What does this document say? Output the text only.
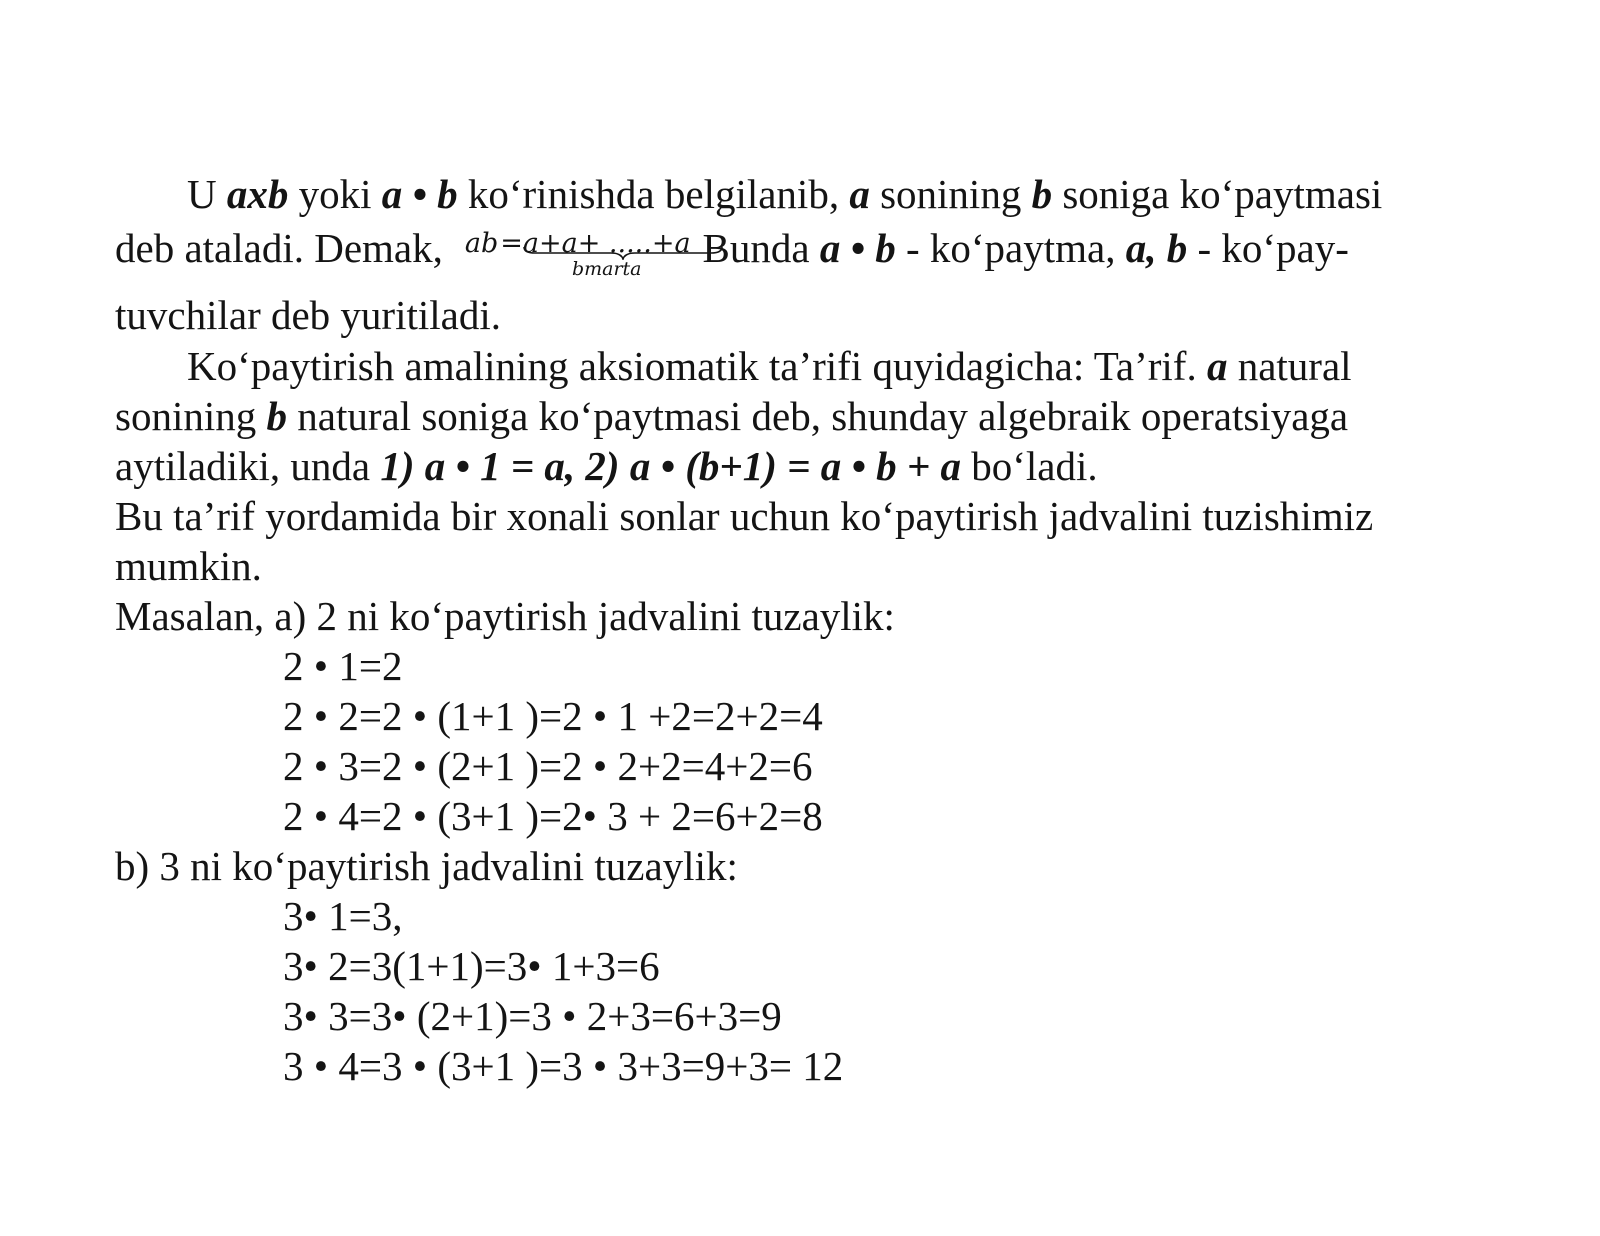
U axb yoki a • b ko‘rinishda belgilanib, a sonining b soniga ko‘paytmasi
deb ataladi. Demak, ab=a+a+ .....+a
bmarta	Bunda a • b - ko‘paytma, a, b - ko‘pay-
tuvchilar deb yuritiladi.
Ko‘paytirish amalining aksiomatik ta’rifi quyidagicha: Ta’rif. a natural
sonining b natural soniga ko‘paytmasi deb, shunday algebraik operatsiyaga
aytiladiki, unda 1) a • 1 = a, 2) a • (b+1) = a • b + a bo‘ladi.
Bu ta’rif yordamida bir xonali sonlar uchun ko‘paytirish jadvalini tuzishimiz
mumkin.
Masalan, a) 2 ni ko‘paytirish jadvalini tuzaylik:
2 • 1=2
2 • 2=2 • (1+1 )=2 • 1 +2=2+2=4
2 • 3=2 • (2+1 )=2 • 2+2=4+2=6
2 • 4=2 • (3+1 )=2• 3 + 2=6+2=8
b) 3 ni ko‘paytirish jadvalini tuzaylik:
3• 1=3,
3• 2=3(1+1)=3• 1+3=6
3• 3=3• (2+1)=3 • 2+3=6+3=9
3 • 4=3 • (3+1 )=3 • 3+3=9+3= 12
